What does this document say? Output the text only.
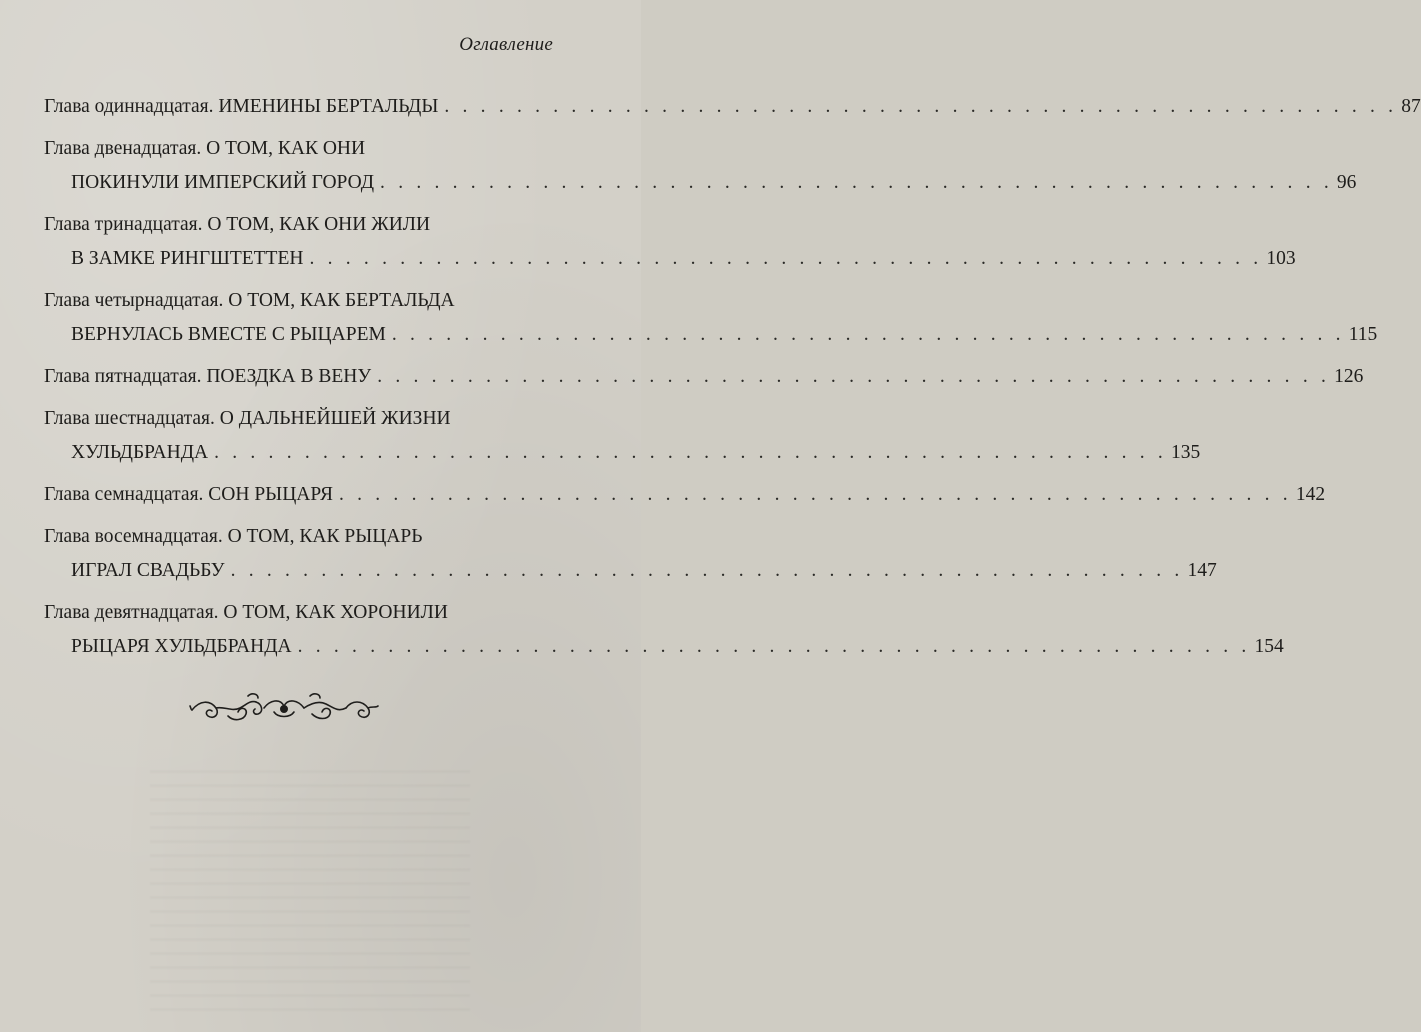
Оглавление
Глава одиннадцатая. ИМЕНИНЫ БЕРТАЛЬДЫ . . . . . . . . . . . . . . . . . . . . . . . . . . . . . . . . . . . . . . . . . . . . . . . . . . . . . 87
Глава двенадцатая. О ТОМ, КАК ОНИ
ПОКИНУЛИ ИМПЕРСКИЙ ГОРОД . . . . . . . . . . . . . . . . . . . . . . . . . . . . . . . . . . . . . . . . . . . . . . . . . . . . . 96
Глава тринадцатая. О ТОМ, КАК ОНИ ЖИЛИ
В ЗАМКЕ РИНГШТЕТТЕН . . . . . . . . . . . . . . . . . . . . . . . . . . . . . . . . . . . . . . . . . . . . . . . . . . . . . 103
Глава четырнадцатая. О ТОМ, КАК БЕРТАЛЬДА
ВЕРНУЛАСЬ ВМЕСТЕ С РЫЦАРЕМ . . . . . . . . . . . . . . . . . . . . . . . . . . . . . . . . . . . . . . . . . . . . . . . . . . . . . 115
Глава пятнадцатая. ПОЕЗДКА В ВЕНУ . . . . . . . . . . . . . . . . . . . . . . . . . . . . . . . . . . . . . . . . . . . . . . . . . . . . . 126
Глава шестнадцатая. О ДАЛЬНЕЙШЕЙ ЖИЗНИ
ХУЛЬДБРАНДА . . . . . . . . . . . . . . . . . . . . . . . . . . . . . . . . . . . . . . . . . . . . . . . . . . . . . 135
Глава семнадцатая. СОН РЫЦАРЯ . . . . . . . . . . . . . . . . . . . . . . . . . . . . . . . . . . . . . . . . . . . . . . . . . . . . . 142
Глава восемнадцатая. О ТОМ, КАК РЫЦАРЬ
ИГРАЛ СВАДЬБУ . . . . . . . . . . . . . . . . . . . . . . . . . . . . . . . . . . . . . . . . . . . . . . . . . . . . . 147
Глава девятнадцатая. О ТОМ, КАК ХОРОНИЛИ
РЫЦАРЯ ХУЛЬДБРАНДА . . . . . . . . . . . . . . . . . . . . . . . . . . . . . . . . . . . . . . . . . . . . . . . . . . . . . 154
